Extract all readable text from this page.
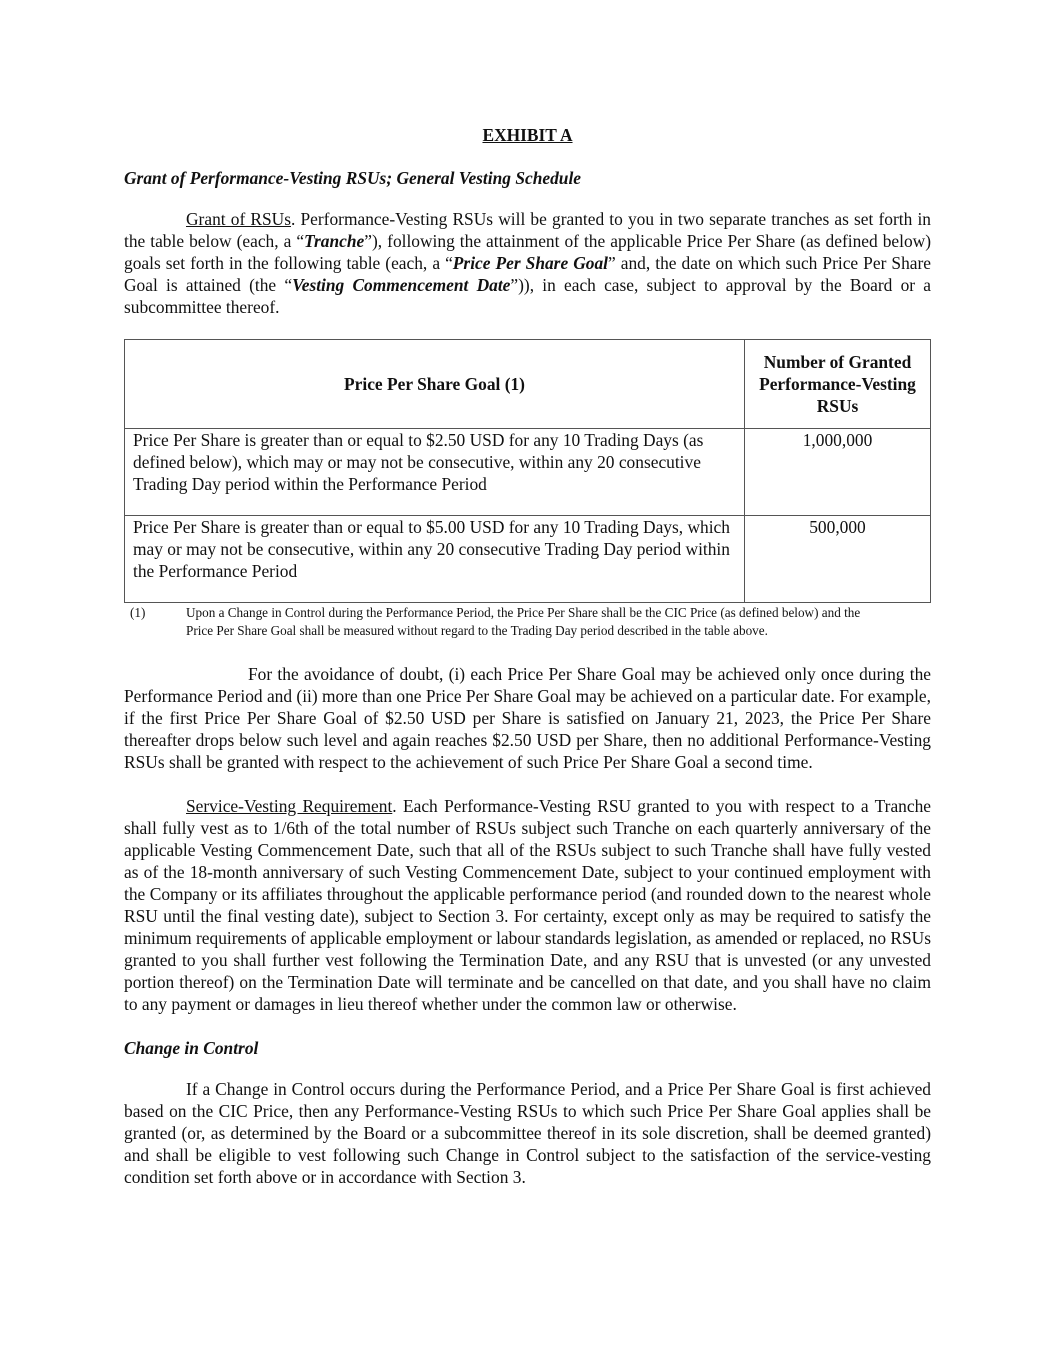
EXHIBIT A
Grant of Performance-Vesting RSUs; General Vesting Schedule

Grant of RSUs. Performance-Vesting RSUs will be granted to you in two separate tranches as set forth in the table below (each, a “Tranche”), following the attainment of the applicable Price Per Share (as defined below) goals set forth in the following table (each, a “Price Per Share Goal” and, the date on which such Price Per Share Goal is attained (the “Vesting Commencement Date”)), in each case, subject to approval by the Board or a subcommittee thereof.

Price Per Share Goal (1)	Number of Granted Performance-Vesting RSUs
Price Per Share is greater than or equal to $2.50 USD for any 10 Trading Days (as defined below), which may or may not be consecutive, within any 20 consecutive Trading Day period within the Performance Period	1,000,000
Price Per Share is greater than or equal to $5.00 USD for any 10 Trading Days, which may or may not be consecutive, within any 20 consecutive Trading Day period within the Performance Period	500,000
(1)	Upon a Change in Control during the Performance Period, the Price Per Share shall be the CIC Price (as defined below) and the Price Per Share Goal shall be measured without regard to the Trading Day period described in the table above.

For the avoidance of doubt, (i) each Price Per Share Goal may be achieved only once during the Performance Period and (ii) more than one Price Per Share Goal may be achieved on a particular date. For example, if the first Price Per Share Goal of $2.50 USD per Share is satisfied on January 21, 2023, the Price Per Share thereafter drops below such level and again reaches $2.50 USD per Share, then no additional Performance-Vesting RSUs shall be granted with respect to the achievement of such Price Per Share Goal a second time.

Service-Vesting Requirement. Each Performance-Vesting RSU granted to you with respect to a Tranche shall fully vest as to 1/6th of the total number of RSUs subject such Tranche on each quarterly anniversary of the applicable Vesting Commencement Date, such that all of the RSUs subject to such Tranche shall have fully vested as of the 18-month anniversary of such Vesting Commencement Date, subject to your continued employment with the Company or its affiliates throughout the applicable performance period (and rounded down to the nearest whole RSU until the final vesting date), subject to Section 3. For certainty, except only as may be required to satisfy the minimum requirements of applicable employment or labour standards legislation, as amended or replaced, no RSUs granted to you shall further vest following the Termination Date, and any RSU that is unvested (or any unvested portion thereof) on the Termination Date will terminate and be cancelled on that date, and you shall have no claim to any payment or damages in lieu thereof whether under the common law or otherwise.

Change in Control

If a Change in Control occurs during the Performance Period, and a Price Per Share Goal is first achieved based on the CIC Price, then any Performance-Vesting RSUs to which such Price Per Share Goal applies shall be granted (or, as determined by the Board or a subcommittee thereof in its sole discretion, shall be deemed granted) and shall be eligible to vest following such Change in Control subject to the satisfaction of the service-vesting condition set forth above or in accordance with Section 3.
